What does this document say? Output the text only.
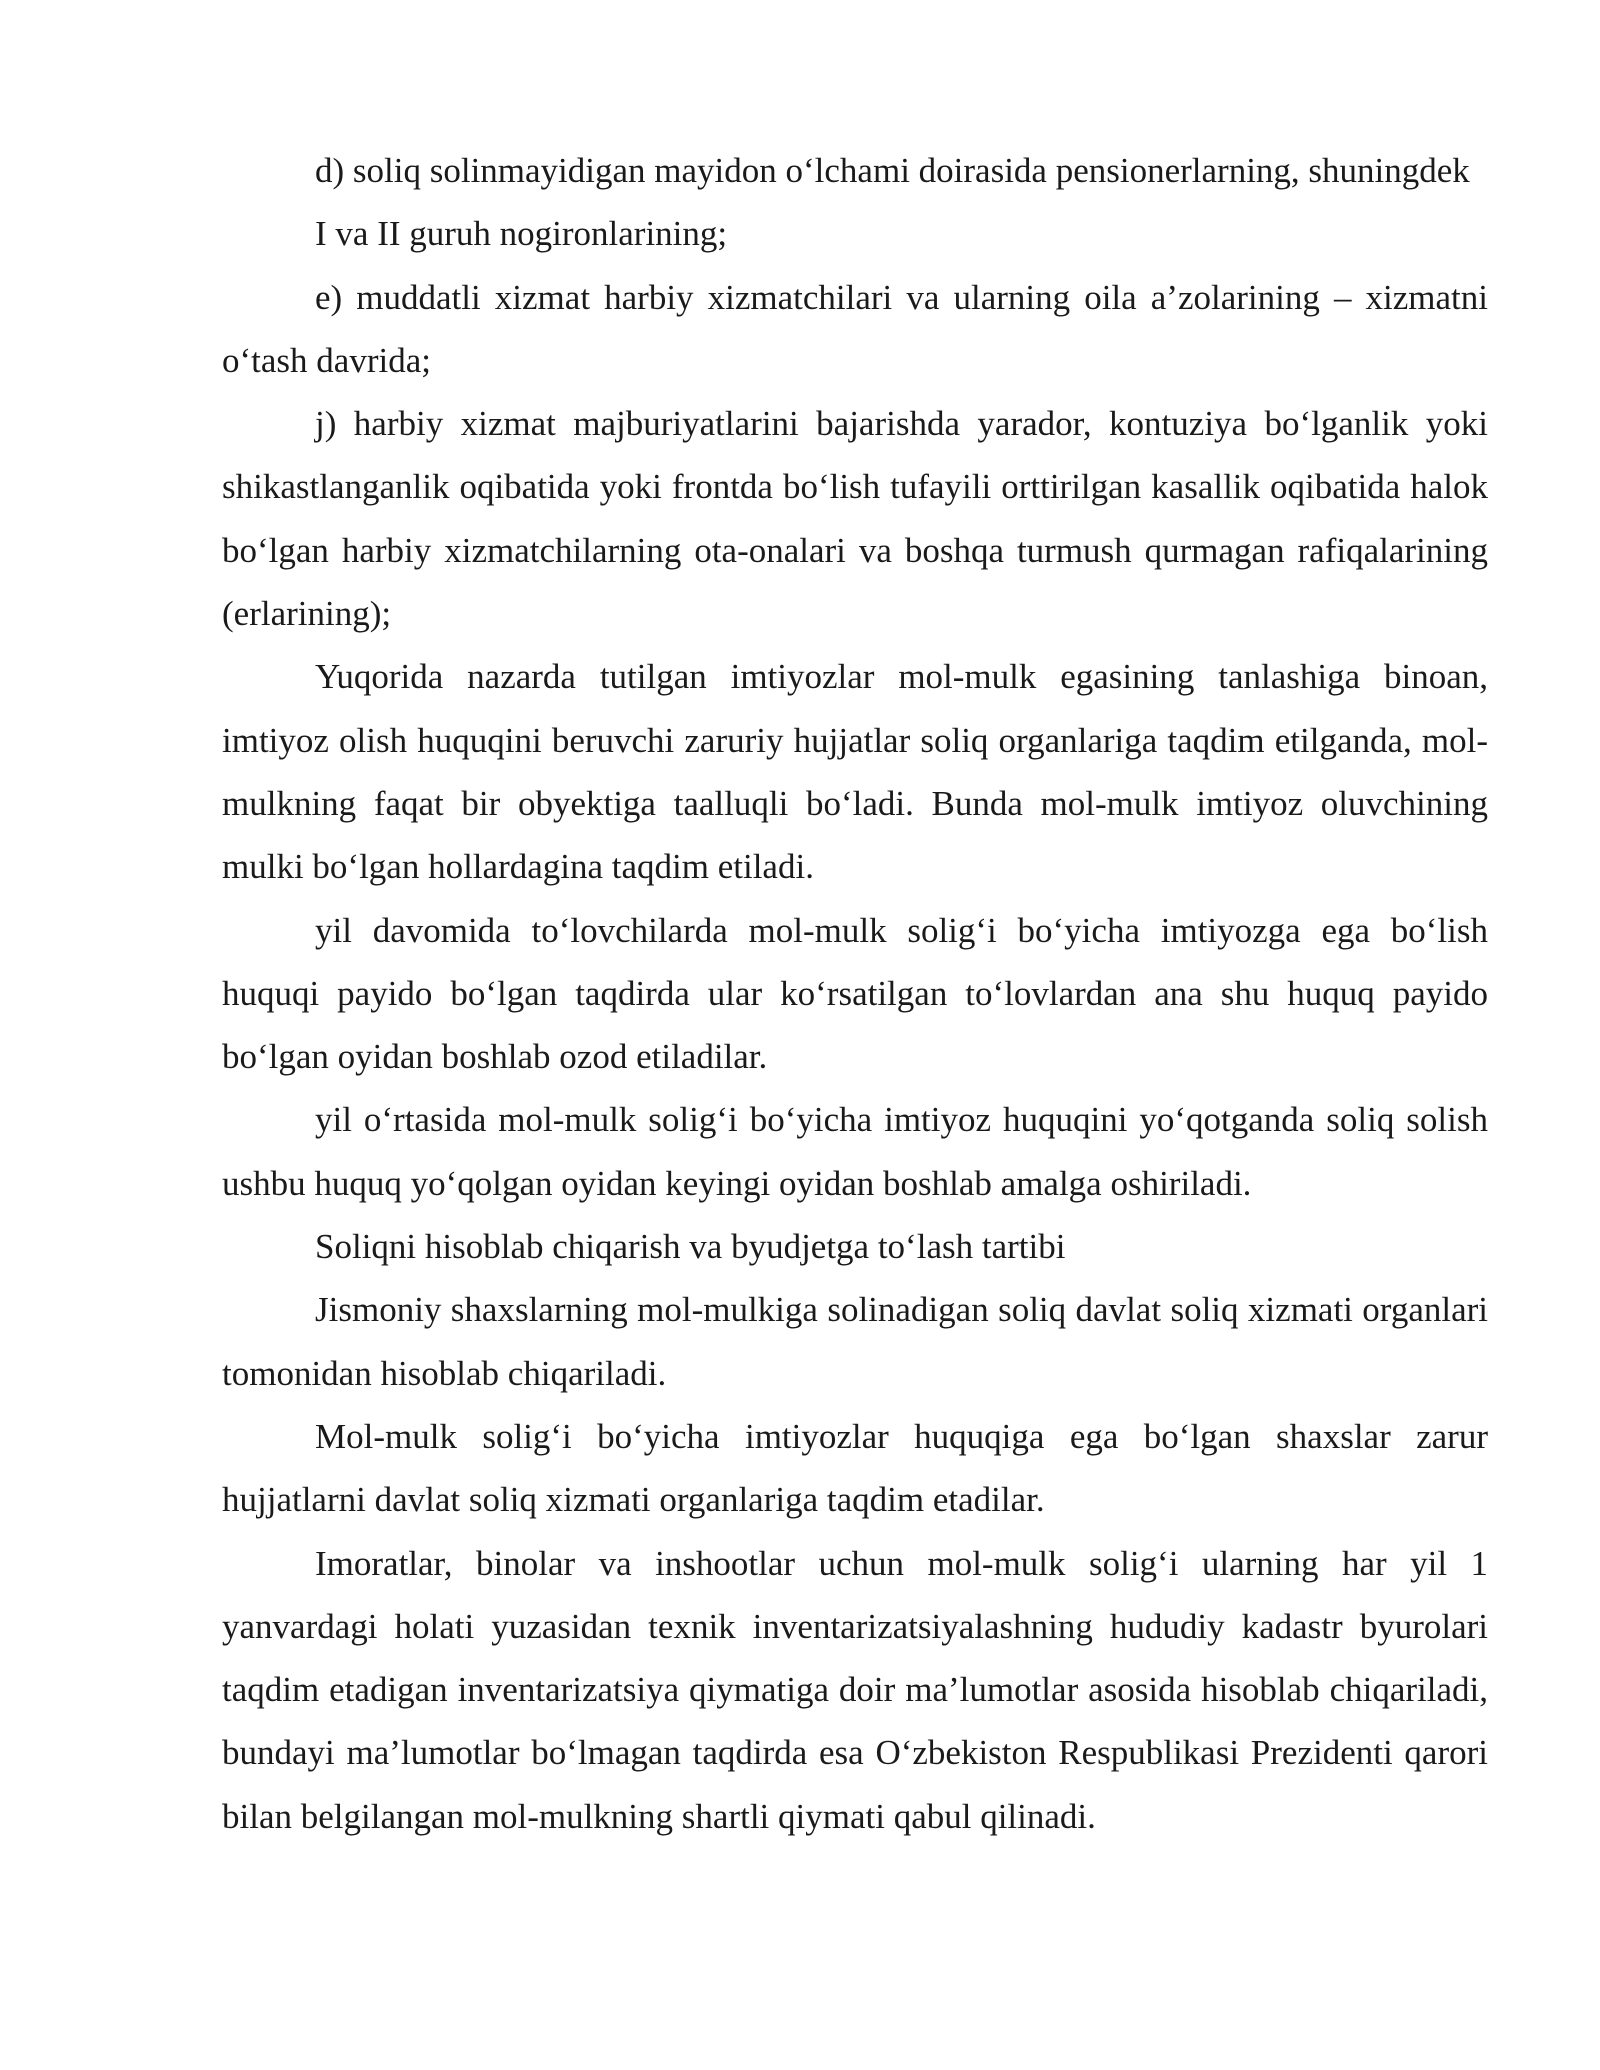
d) soliq solinmayidigan mayidon o‘lchami doirasida pensionerlarning, shuningdek

I va II guruh nogironlarining;

e) muddatli xizmat harbiy xizmatchilari va ularning oila a’zolarining – xizmatni o‘tash davrida;

j) harbiy xizmat majburiyatlarini bajarishda yarador, kontuziya bo‘lganlik yoki shikastlanganlik oqibatida yoki frontda bo‘lish tufayili orttirilgan kasallik oqibatida halok bo‘lgan harbiy xizmatchilarning ota-onalari va boshqa turmush qurmagan rafiqalarining (erlarining);

Yuqorida nazarda tutilgan imtiyozlar mol-mulk egasining tanlashiga binoan, imtiyoz olish huquqini beruvchi zaruriy hujjatlar soliq organlariga taqdim etilganda, mol-mulkning faqat bir obyektiga taalluqli bo‘ladi. Bunda mol-mulk imtiyoz oluvchining mulki bo‘lgan hollardagina taqdim etiladi.

yil davomida to‘lovchilarda mol-mulk solig‘i bo‘yicha imtiyozga ega bo‘lish huquqi payido bo‘lgan taqdirda ular ko‘rsatilgan to‘lovlardan ana shu huquq payido bo‘lgan oyidan boshlab ozod etiladilar.

yil o‘rtasida mol-mulk solig‘i bo‘yicha imtiyoz huquqini yo‘qotganda soliq solish ushbu huquq yo‘qolgan oyidan keyingi oyidan boshlab amalga oshiriladi.

Soliqni hisoblab chiqarish va byudjetga to‘lash tartibi

Jismoniy shaxslarning mol-mulkiga solinadigan soliq davlat soliq xizmati organlari tomonidan hisoblab chiqariladi.

Mol-mulk solig‘i bo‘yicha imtiyozlar huquqiga ega bo‘lgan shaxslar zarur hujjatlarni davlat soliq xizmati organlariga taqdim etadilar.

Imoratlar, binolar va inshootlar uchun mol-mulk solig‘i ularning har yil 1 yanvardagi holati yuzasidan texnik inventarizatsiyalashning hududiy kadastr byurolari taqdim etadigan inventarizatsiya qiymatiga doir ma’lumotlar asosida hisoblab chiqariladi, bundayi ma’lumotlar bo‘lmagan taqdirda esa O‘zbekiston Respublikasi Prezidenti qarori bilan belgilangan mol-mulkning shartli qiymati qabul qilinadi.
